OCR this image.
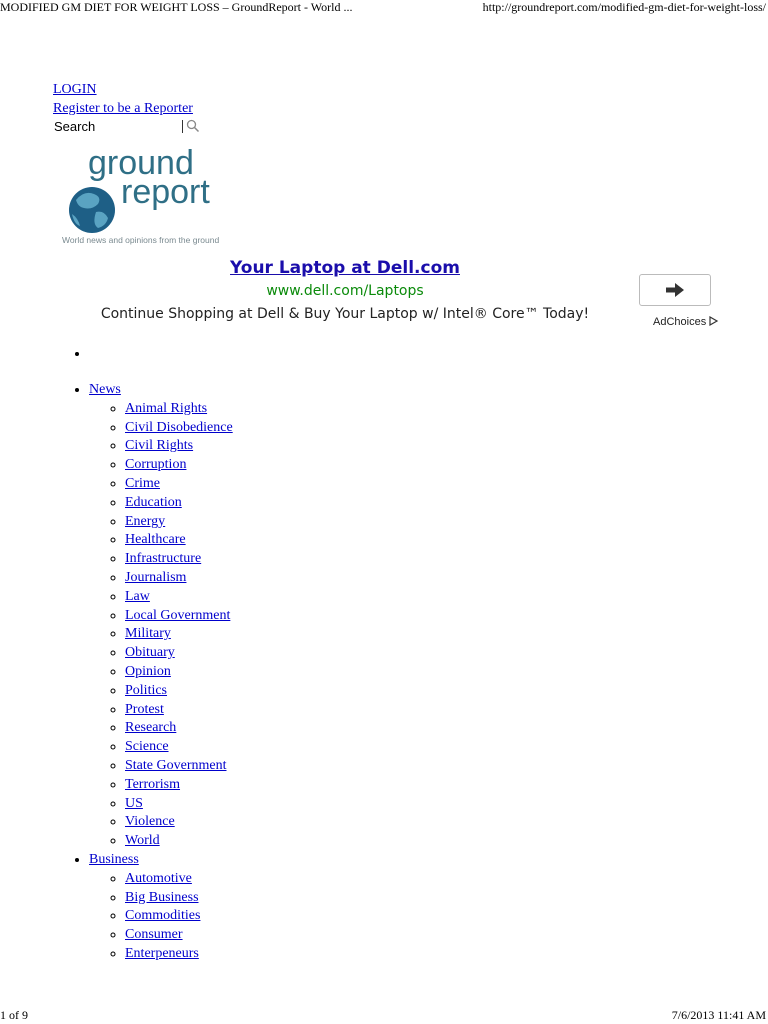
MODIFIED GM DIET FOR WEIGHT LOSS – GroundReport - World ...	http://groundreport.com/modified-gm-diet-for-weight-loss/
LOGIN
Register to be a Reporter
Search
ground
report
World news and opinions from the ground
Your Laptop at Dell.com
www.dell.com/Laptops
Continue Shopping at Dell & Buy Your Laptop w/ Intel® Core™ Today!	AdChoices
•
• News
◦ Animal Rights
◦ Civil Disobedience
◦ Civil Rights
◦ Corruption
◦ Crime
◦ Education
◦ Energy
◦ Healthcare
◦ Infrastructure
◦ Journalism
◦ Law
◦ Local Government
◦ Military
◦ Obituary
◦ Opinion
◦ Politics
◦ Protest
◦ Research
◦ Science
◦ State Government
◦ Terrorism
◦ US
◦ Violence
◦ World
• Business
◦ Automotive
◦ Big Business
◦ Commodities
◦ Consumer
◦ Enterpeneurs
1 of 9	7/6/2013 11:41 AM
